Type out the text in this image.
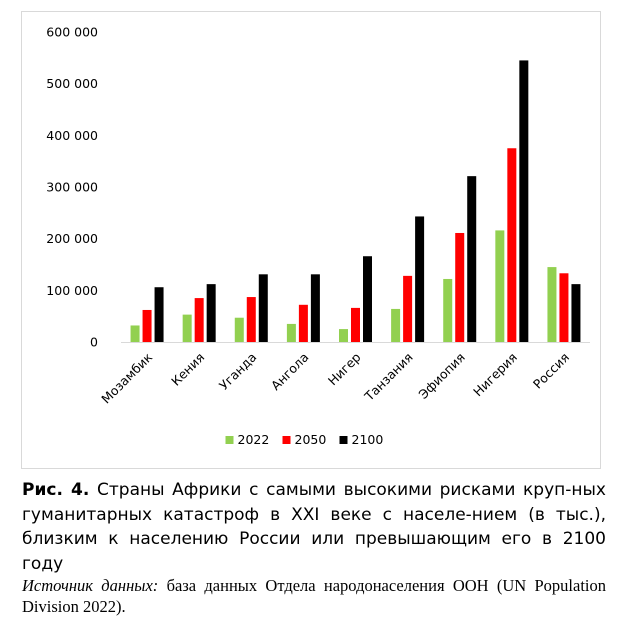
0
100 000
200 000
300 000
400 000
500 000
600 000
Мозамбик Кения Уганда Ангола Нигер
Танзания Эфиопия Нигерия Россия
2022 2050 2100
Рис. 4. Страны Африки с самыми высокими рисками круп-ных гуманитарных катастроф в XXI веке с населе-нием (в тыс.), близким к населению России или превышающим его в 2100 году
Источник данных: база данных Отдела народонаселения ООН (UN Population Division 2022).
